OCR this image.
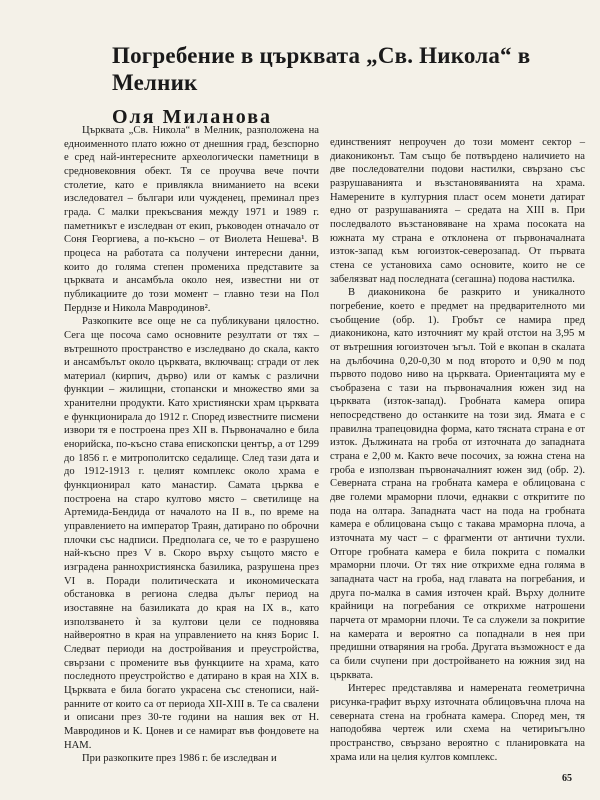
Погребение в църквата „Св. Никола“ в Мелник
Оля Миланова

Църквата „Св. Никола“ в Мелник, разположена на едноименното плато южно от днешния град, безспорно е сред най-интересните археологически паметници в средновековния обект. Тя се проучва вече почти столетие, като е привлякла вниманието на всеки изследовател – българи или чужденец, преминал през града. С малки прекъсвания между 1971 и 1989 г. паметникът е изследван от екип, ръководен отначало от Соня Георгиева, а по-късно – от Виолета Нешева¹. В процеса на работата са получени интересни данни, които до голяма степен промениха представите за църквата и ансамбъла около нея, известни ни от публикациите до този момент – главно тези на Пол Перднзе и Никола Мавродинов².

Разкопките все още не са публикувани цялостно. Сега ще посоча само основните резултати от тях – вътрешното пространство е изследвано до скала, както и ансамбълът около църквата, включващ: сгради от лек материал (кирпич, дърво) или от камък с различни функции – жилищни, стопански и множество ями за хранителни продукти. Като християнски храм църквата е функционирала до 1912 г. Според известните писмени извори тя е построена през XII в. Първоначално е била енорийска, по-късно става епископски център, а от 1299 до 1856 г. е митрополитско седалище. След тази дата и до 1912-1913 г. целият комплекс около храма е функционирал като манастир. Самата църква е построена на старо култово място – светилище на Артемида-Бендида от началото на II в., по време на управлението на император Траян, датирано по оброчни плочки със надписи. Предполага се, че то е разрушено най-късно през V в. Скоро върху същото място е изградена раннохристиянска базилика, разрушена през VI в. Поради политическата и икономическата обстановка в региона следва дълъг период на изоставяне на базиликата до края на IX в., като използването ѝ за култови цели се подновява найвероятно в края на управлението на княз Борис I. Следват периоди на достройвания и преустройства, свързани с промените във функциите на храма, като последното преустройство е датирано в края на XIX в. Църквата е била богато украсена със стенописи, най-ранните от които са от периода XII-XIII в. Те са свалени и описани през 30-те години на нашия век от Н. Мавродинов и К. Цонев и се намират във фондовете на НАМ.

При разкопките през 1986 г. бе изследван и

единственият непроучен до този момент сектор – диакониконът. Там също бе потвърдено наличието на две последователни подови настилки, свързано със разрушаванията и възстановяванията на храма. Намерените в културния пласт осем монети датират едно от разрушаванията – средата на XIII в. При последвалото възстановяване на храма посоката на южната му страна е отклонена от първоначалната изток-запад към югоизток-северозапад. От първата стена се установиха само основите, които не се забелязват над последната (сегашна) подова настилка.

В диаконикона бе разкрито и уникалното погребение, което е предмет на предварителното ми съобщение (обр. 1). Гробът се намира пред диаконикона, като източният му край отстои на 3,95 м от вътрешния югоизточен ъгъл. Той е вкопан в скалата на дълбочина 0,20-0,30 м под второто и 0,90 м под първото подово ниво на църквата. Ориентацията му е съобразена с тази на първоначалния южен зид на църквата (изток-запад). Гробната камера опира непосредствено до останките на този зид. Ямата е с правилна трапецовидна форма, като тясната страна е от изток. Дължината на гроба от източната до западната страна е 2,00 м. Както вече посочих, за южна стена на гроба е използван първоначалният южен зид (обр. 2). Северната страна на гробната камера е облицована с две големи мраморни плочи, еднакви с откритите по пода на олтара. Западната част на пода на гробната камера е облицована също с такава мраморна плоча, а източната му част – с фрагменти от антични тухли. Отгоре гробната камера е била покрита с помалки мраморни плочи. От тях ние открихме една голяма в западната част на гроба, над главата на погребания, и друга по-малка в самия източен край. Върху долните крайници на погребания се открихме натрошени парчета от мраморни плочи. Те са служели за покритие на камерата и вероятно са попаднали в нея при предишни отваряния на гроба. Другата възможност е да са били счупени при достройването на южния зид на църквата.

Интерес представлява и намерената геометрична рисунка-графит върху източната облицовъчна плоча на северната стена на гробната камера. Според мен, тя наподобява чертеж или схема на четириъгълно пространство, свързано вероятно с планировката на храма или на целия култов комплекс.

65
